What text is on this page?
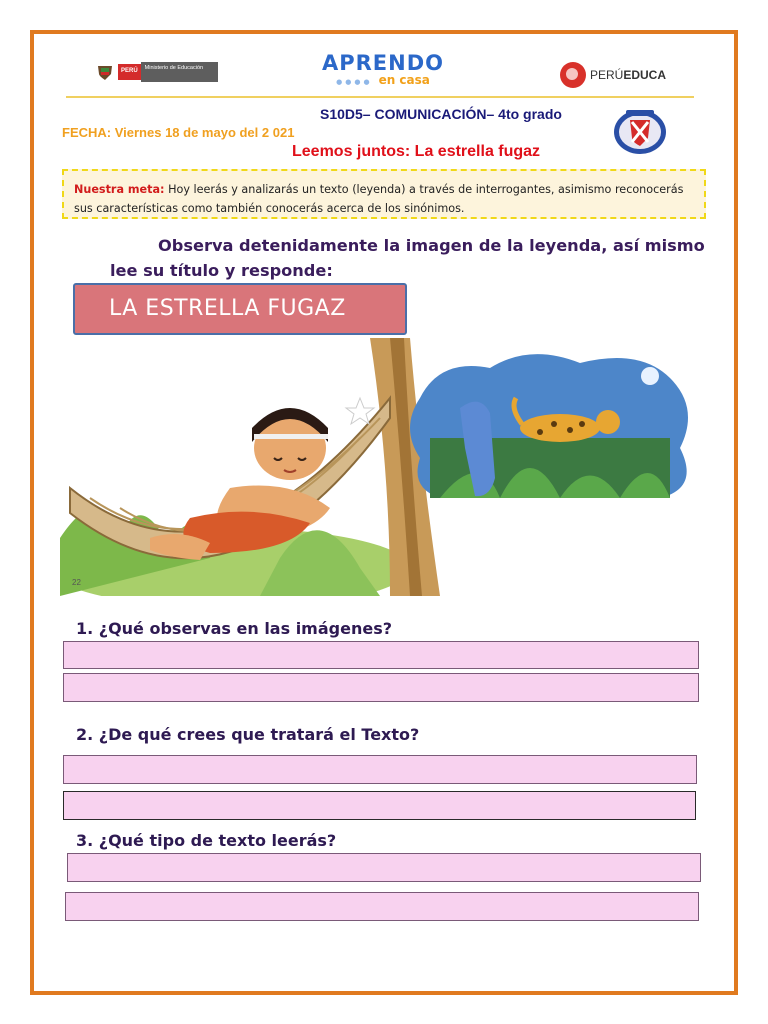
PERÚ	Ministerio de Educación	APRENDO
●●●● en casa	PERÚEDUCA
S10D5– COMUNICACIÓN– 4to grado
FECHA: Viernes 18 de mayo del 2 021
Leemos juntos: La estrella fugaz
Nuestra meta: Hoy leerás y analizarás un texto (leyenda) a través de interrogantes, asimismo reconocerás sus características como también conocerás acerca de los sinónimos.
Observa detenidamente la imagen de la leyenda, así mismo lee su título y responde:
LA ESTRELLA FUGAZ
22
1. ¿Qué observas en las imágenes?
2. ¿De qué crees que tratará el Texto?
3. ¿Qué tipo de texto leerás?
